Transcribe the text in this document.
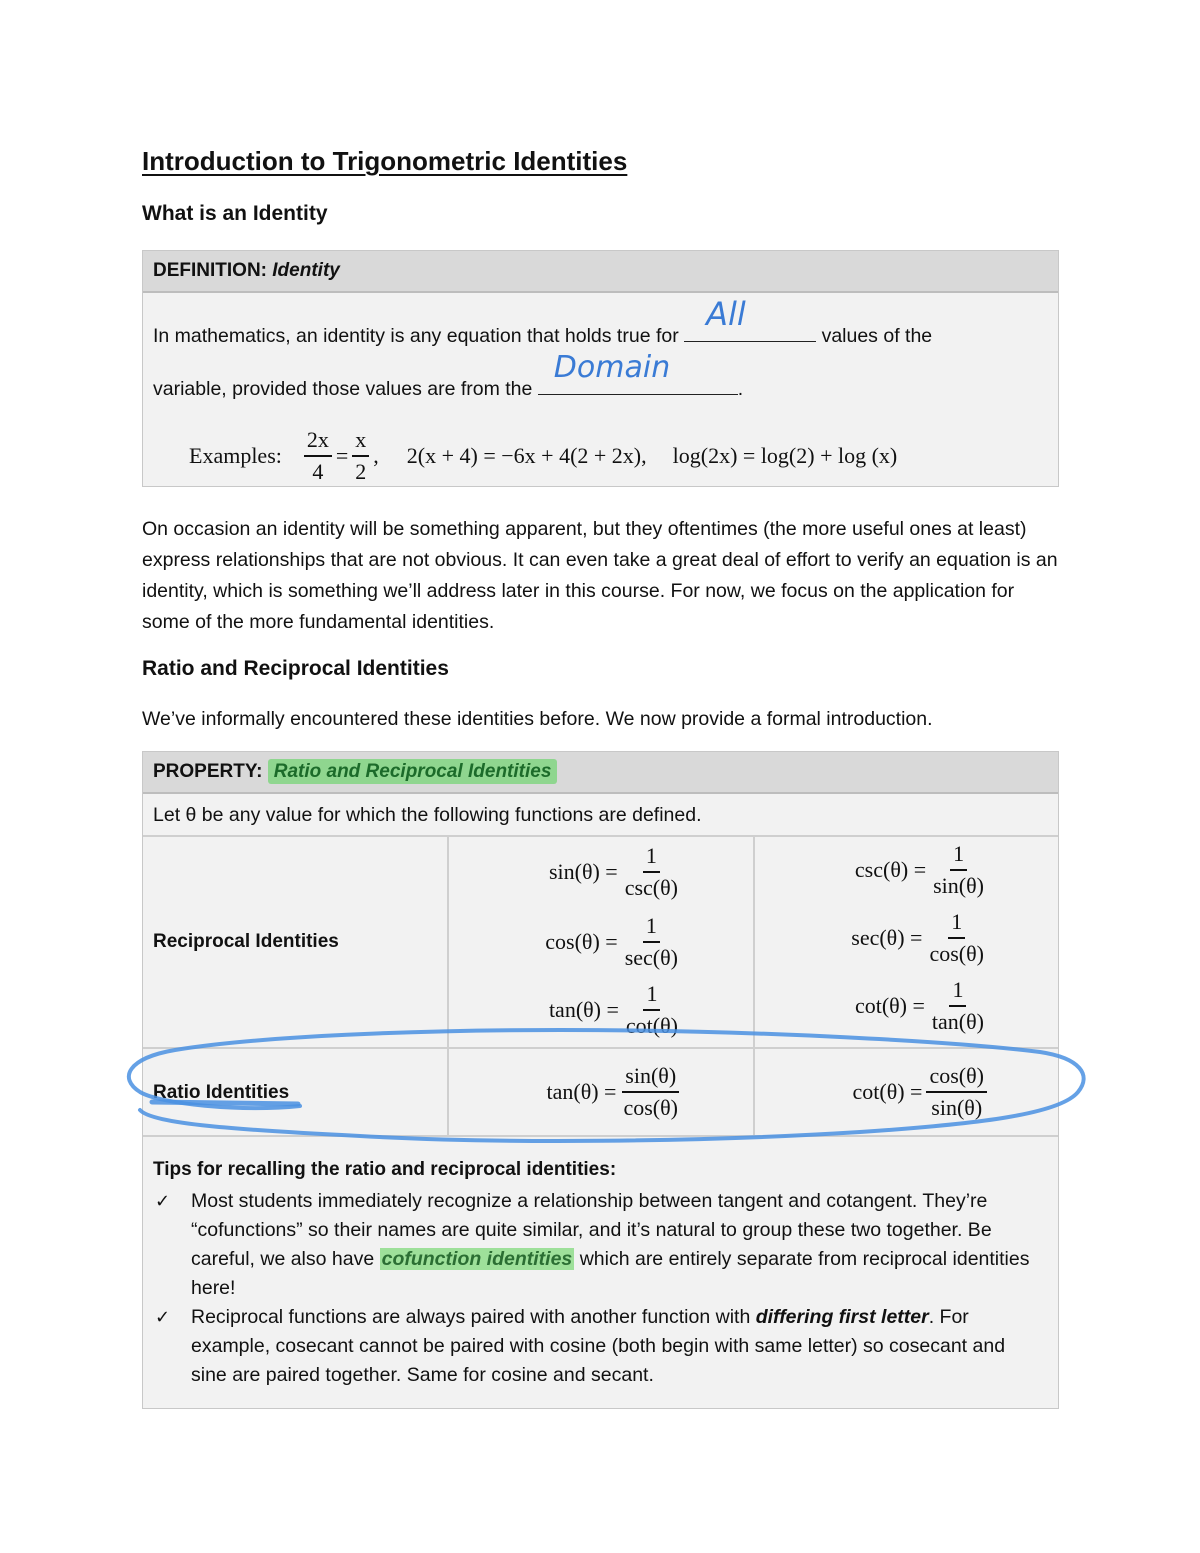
Introduction to Trigonometric Identities
What is an Identity
DEFINITION: Identity
In mathematics, an identity is any equation that holds true for
All
values of the
variable, provided those values are from the
Domain
.
Examples: $\frac{2x}{4} = \frac{x}{2}$ , 2(x + 4) = −6x + 4(2 + 2x), log(2x) = log(2) + log (x)

On occasion an identity will be something apparent, but they oftentimes (the more useful ones at least) express relationships that are not obvious. It can even take a great deal of effort to verify an equation is an identity, which is something we’ll address later in this course. For now, we focus on the application for some of the more fundamental identities.

Ratio and Reciprocal Identities

We’ve informally encountered these identities before. We now provide a formal introduction.

PROPERTY: Ratio and Reciprocal Identities
Let θ be any value for which the following functions are defined.
Reciprocal Identities
$\sin(\theta) = \frac{1}{\csc(\theta)}$
$\cos(\theta) = \frac{1}{\sec(\theta)}$
$\tan(\theta) = \frac{1}{\cot(\theta)}$
$\csc(\theta) = \frac{1}{\sin(\theta)}$
$\sec(\theta) = \frac{1}{\cos(\theta)}$
$\cot(\theta) = \frac{1}{\tan(\theta)}$
Ratio Identities	$\tan(\theta) = \frac{\sin(\theta)}{\cos(\theta)}$	$\cot(\theta) = \frac{\cos(\theta)}{\sin(\theta)}$
Tips for recalling the ratio and reciprocal identities:
✓ Most students immediately recognize a relationship between tangent and cotangent. They’re “cofunctions” so their names are quite similar, and it’s natural to group these two together. Be careful, we also have cofunction identities which are entirely separate from reciprocal identities here!
✓ Reciprocal functions are always paired with another function with differing first letter. For example, cosecant cannot be paired with cosine (both begin with same letter) so cosecant and sine are paired together. Same for cosine and secant.
